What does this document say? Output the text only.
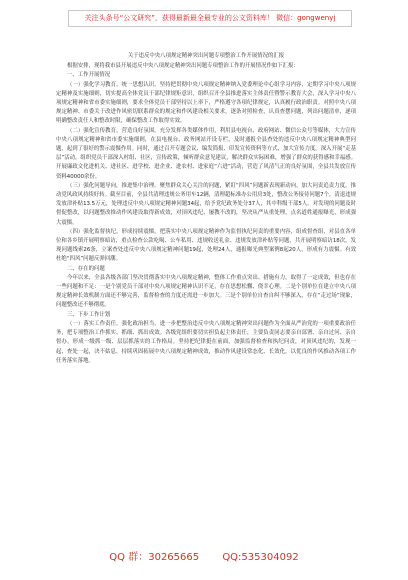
关注头条号“公文研究”，获得最新最全最专业的公文资料库！ 微信：gongwenyj
关于违反中央八项规定精神突出问题专项整治工作开展情况的汇报

根据安排，现将我市县开展违反中央八项规定精神突出问题专项整治工作的开展情况作如下汇报：

一、工作开展情况

（一）强化学习教育，统一思想认识。坚持把贯彻中央八项规定精神纳入党委理论中心组学习内容，定期学习中央八项规定精神及实施细则，切实提高全体党员干部纪律规矩意识，组织召开全县推进落实主体责任暨警示教育大会，深入学习中央八项规定精神和省市委实施细则，要求全体党员干部坚持以上率下，严格遵守各项纪律规定，认真履行政治职责。对照中央八项规定精神、市委关于改进作风密切联系群众的规定和作风建设相关要求，逐条对照检查，认真查摆问题，列出问题清单，逐项明确整改责任人和整改时限，确保整改工作取得实效。

（二）强化宣传教育，营造良好氛围。充分发挥各类媒体作用，利用县电视台、政府网站、微信公众号等媒体，大力宣传中央八项规定精神和省市委实施细则，在县电视台、政务网站开设专栏，及时通报全县查处的违反中央八项规定精神典型问题，起到了很好的警示震慑作用。同时，通过召开专题会议、编发简报、印发宣传资料等方式，加大宣传力度。深入开展“走基层”活动，组织党员干部深入村组、社区，宣传政策，倾听群众意见建议，解决群众实际困难，增强了群众的获得感和幸福感。开展廉政文化进机关、进社区、进学校、进企业、进农村、进家庭“六进”活动，营造了风清气正的良好氛围，全县共发放宣传资料40000余份。

（三）强化问题导向，推进集中治理。聚焦群众关心关注的问题，紧盯“四风”问题新表现新动向，加大问责追责力度，推动党风政风持续好转。截至目前，全县共清理违规公务用车12辆，清理超标准办公用房3处，整改公务接待问题7个，清退违规发放津补贴13.5万元，处理违反中央八项规定精神问题34起，给予党纪政务处分37人，其中科级干部5人。对发现的问题及时督促整改，以问题整改推动作风建设取得新成效，对顶风违纪、屡教不改的，坚决从严从重处理，点名道姓通报曝光，形成强大震慑。

（四）强化监督执纪，形成持续震慑。把落实中央八项规定精神作为监督执纪问责的重要内容，组成督查组，对县直各单位和各乡镇开展明察暗访，重点检查公款吃喝、公车私用、违规收送礼金、违规发放津补贴等问题，共开展明察暗访18次，发现问题线索26条，立案查处违反中央八项规定精神问题19起，处理24人，通报曝光典型案例8起20人，形成有力震慑。有效杜绝“四风”问题反弹回潮。

二、存在的问题

今年以来，全县各级各部门坚决贯彻落实中央八项规定精神，整体工作重点突出、措施有力，取得了一定成效，但也存在一些问题和不足：一是个别党员干部对中央八项规定精神认识不足，存在思想松懈、侥幸心理。二是个别单位在建立中央八项规定精神长效机制方面还不够完善，监督检查的力度还需进一步加大。三是个别单位自查自纠不够深入，存在“走过场”现象，问题整改还不够彻底。

三、下步工作计划

（一）落实工作责任。强化政治担当，进一步把整治违反中央八项规定精神突出问题作为全面从严治党的一项重要政治任务，把专项整治工作抓实、抓细、抓出成效。各级党组织要切实担负起主体责任，主要负责同志要亲自部署、亲自过问、亲自督办，形成一级抓一级、层层抓落实的工作格局。坚持把纪律挺在前面，加强监督检查和执纪问责，对顶风违纪的，发现一起，查处一起，决不姑息。持续巩固拓展中央八项规定精神成效，推动作风建设常态化、长效化，以优良的作风推动各项工作任务落实落地。

QQ 群：30265665 QQ:535304092
